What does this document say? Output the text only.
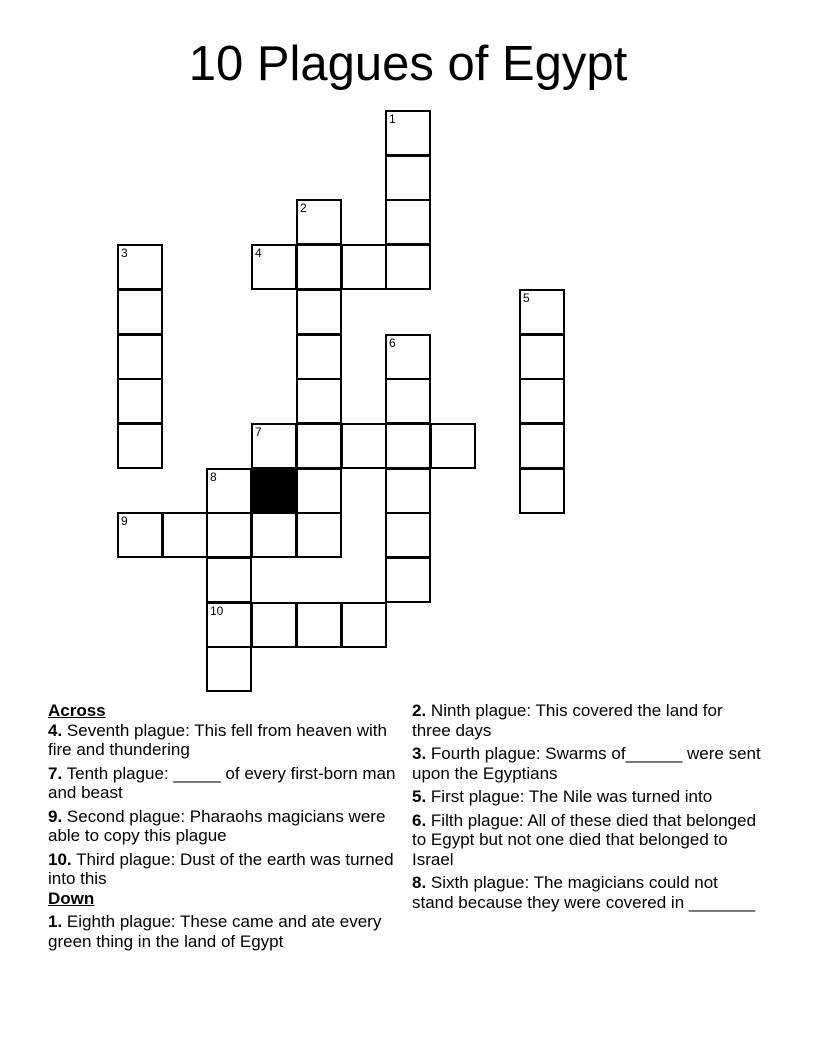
10 Plagues of Egypt
1
2
3	4
5
6
7
8
9
10
Across
4. Seventh plague: This fell from heaven with fire and thundering
7. Tenth plague: _____ of every first-born man and beast
9. Second plague: Pharaohs magicians were able to copy this plague
10. Third plague: Dust of the earth was turned into this
Down
1. Eighth plague: These came and ate every green thing in the land of Egypt
2. Ninth plague: This covered the land for three days
3. Fourth plague: Swarms of______ were sent upon the Egyptians
5. First plague: The Nile was turned into
6. Filth plague: All of these died that belonged to Egypt but not one died that belonged to Israel
8. Sixth plague: The magicians could not stand because they were covered in _______
